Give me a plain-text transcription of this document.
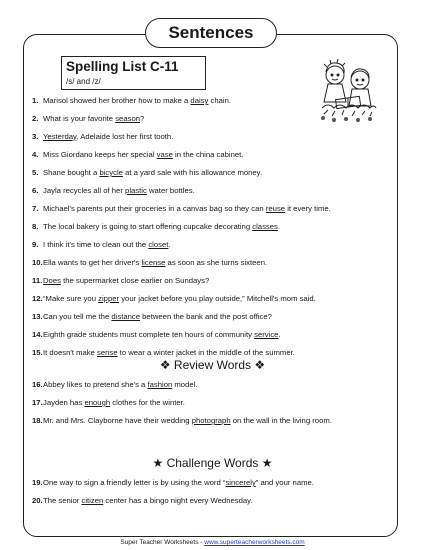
Sentences
Spelling List C-11
/s/ and /z/
1. Marisol showed her brother how to make a daisy chain.
2. What is your favorite season?
3. Yesterday, Adelaide lost her first tooth.
4. Miss Giordano keeps her special vase in the china cabinet.
5. Shane bought a bicycle at a yard sale with his allowance money.
6. Jayla recycles all of her plastic water bottles.
7. Michael's parents put their groceries in a canvas bag so they can reuse it every time.
8. The local bakery is going to start offering cupcake decorating classes.
9. I think it's time to clean out the closet.
10. Ella wants to get her driver's license as soon as she turns sixteen.
11. Does the supermarket close earlier on Sundays?
12. “Make sure you zipper your jacket before you play outside,” Mitchell's mom said.
13. Can you tell me the distance between the bank and the post office?
14. Eighth grade students must complete ten hours of community service.
15. It doesn't make sense to wear a winter jacket in the middle of the summer.
❖ Review Words ❖
16. Abbey likes to pretend she's a fashion model.
17. Jayden has enough clothes for the winter.
18. Mr. and Mrs. Clayborne have their wedding photograph on the wall in the living room.
★ Challenge Words ★
19. One way to sign a friendly letter is by using the word “sincerely” and your name.
20. The senior citizen center has a bingo night every Wednesday.
Super Teacher Worksheets - www.superteacherworksheets.com
